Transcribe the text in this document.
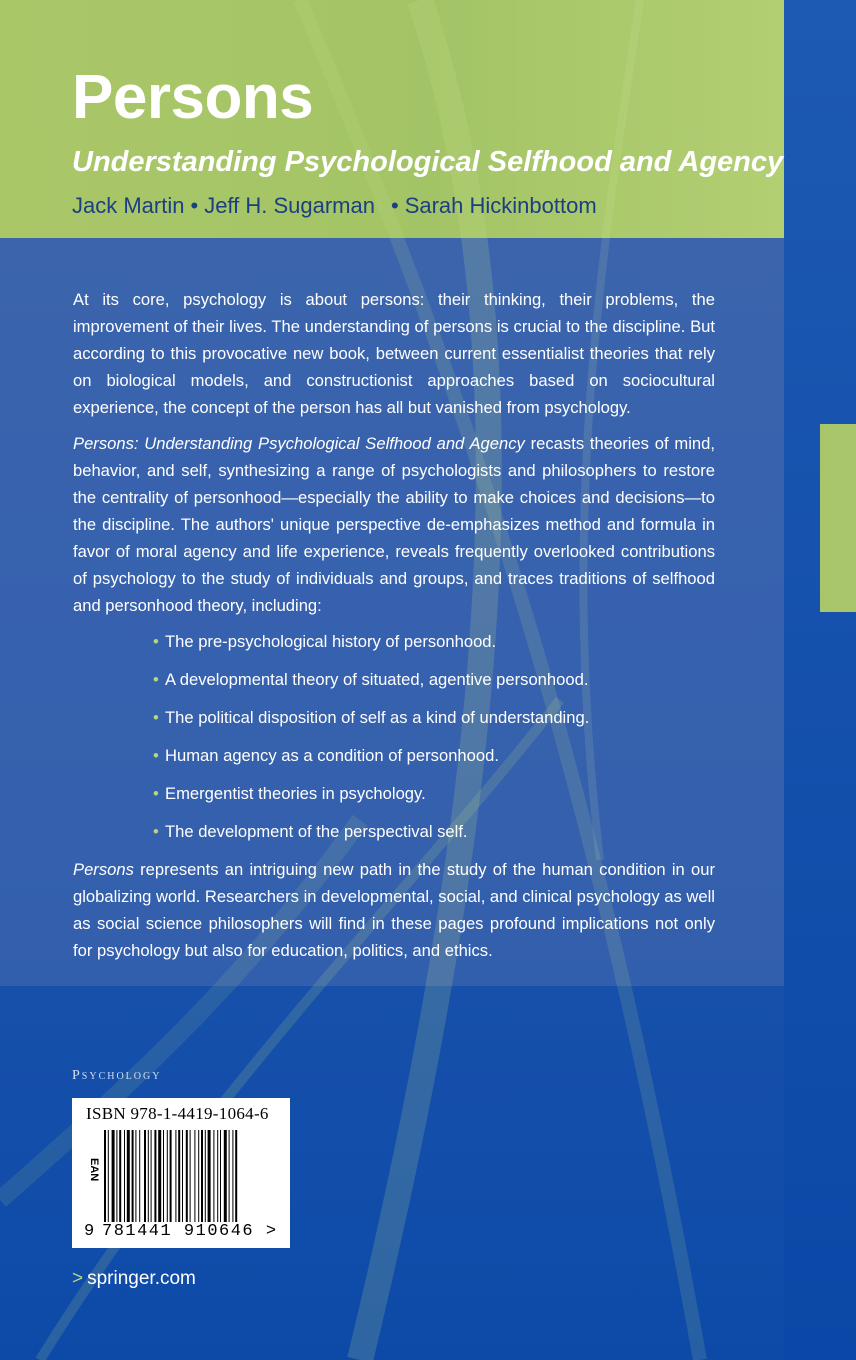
Persons
Understanding Psychological Selfhood and Agency
Jack Martin • Jeff H. Sugarman • Sarah Hickinbottom

At its core, psychology is about persons: their thinking, their problems, the improvement of their lives. The understanding of persons is crucial to the discipline. But according to this provocative new book, between current essentialist theories that rely on biological models, and constructionist approaches based on sociocultural experience, the concept of the person has all but vanished from psychology.

Persons: Understanding Psychological Selfhood and Agency recasts theories of mind, behavior, and self, synthesizing a range of psychologists and philosophers to restore the centrality of personhood—especially the ability to make choices and decisions—to the discipline. The authors' unique perspective de-emphasizes method and formula in favor of moral agency and life experience, reveals frequently overlooked contributions of psychology to the study of individuals and groups, and traces traditions of selfhood and personhood theory, including:

• The pre-psychological history of personhood.
• A developmental theory of situated, agentive personhood.
• The political disposition of self as a kind of understanding.
• Human agency as a condition of personhood.
• Emergentist theories in psychology.
• The development of the perspectival self.

Persons represents an intriguing new path in the study of the human condition in our globalizing world. Researchers in developmental, social, and clinical psychology as well as social science philosophers will find in these pages profound implications not only for psychology but also for education, politics, and ethics.

Psychology
ISBN 978-1-4419-1064-6
EAN
9 781441 910646 >
> springer.com
